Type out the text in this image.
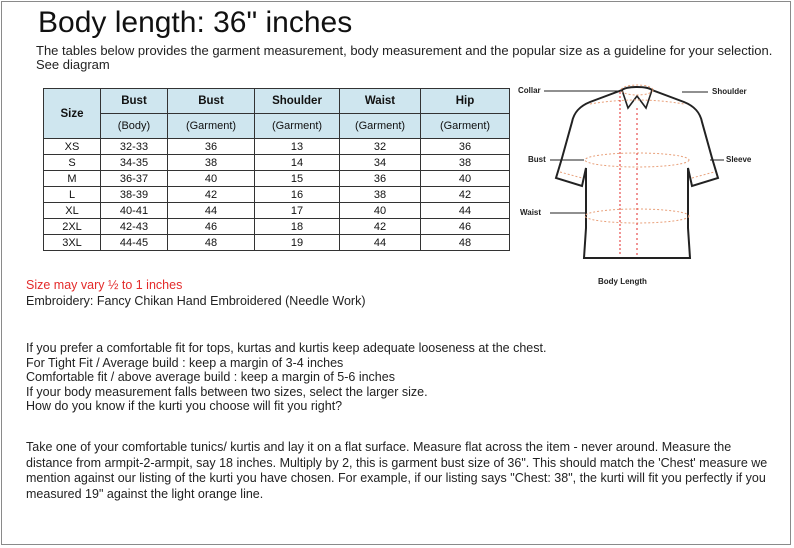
Body length: 36" inches
The tables below provides the garment measurement, body measurement and the popular size as a guideline for your selection. See diagram
Size	Bust	Bust	Shoulder	Waist	Hip
	(Body)	(Garment)	(Garment)	(Garment)	(Garment)
XS	32-33	36	13	32	36
S	34-35	38	14	34	38
M	36-37	40	15	36	40
L	38-39	42	16	38	42
XL	40-41	44	17	40	44
2XL	42-43	46	18	42	46
3XL	44-45	48	19	44	48
Size may vary ½ to 1 inches
Embroidery: Fancy Chikan Hand Embroidered (Needle Work)
Collar	Shoulder
Bust	Sleeve
Waist
Body Length
If you prefer a comfortable fit for tops, kurtas and kurtis keep adequate looseness at the chest.
For Tight Fit / Average build : keep a margin of 3-4 inches
Comfortable fit / above average build : keep a margin of 5-6 inches
If your body measurement falls between two sizes, select the larger size.
How do you know if the kurti you choose will fit you right?
Take one of your comfortable tunics/ kurtis and lay it on a flat surface. Measure flat across the item - never around. Measure the distance from armpit-2-armpit, say 18 inches. Multiply by 2, this is garment bust size of 36". This should match the 'Chest' measure we mention against our listing of the kurti you have chosen. For example, if our listing says "Chest: 38", the kurti will fit you perfectly if you measured 19" against the light orange line.
